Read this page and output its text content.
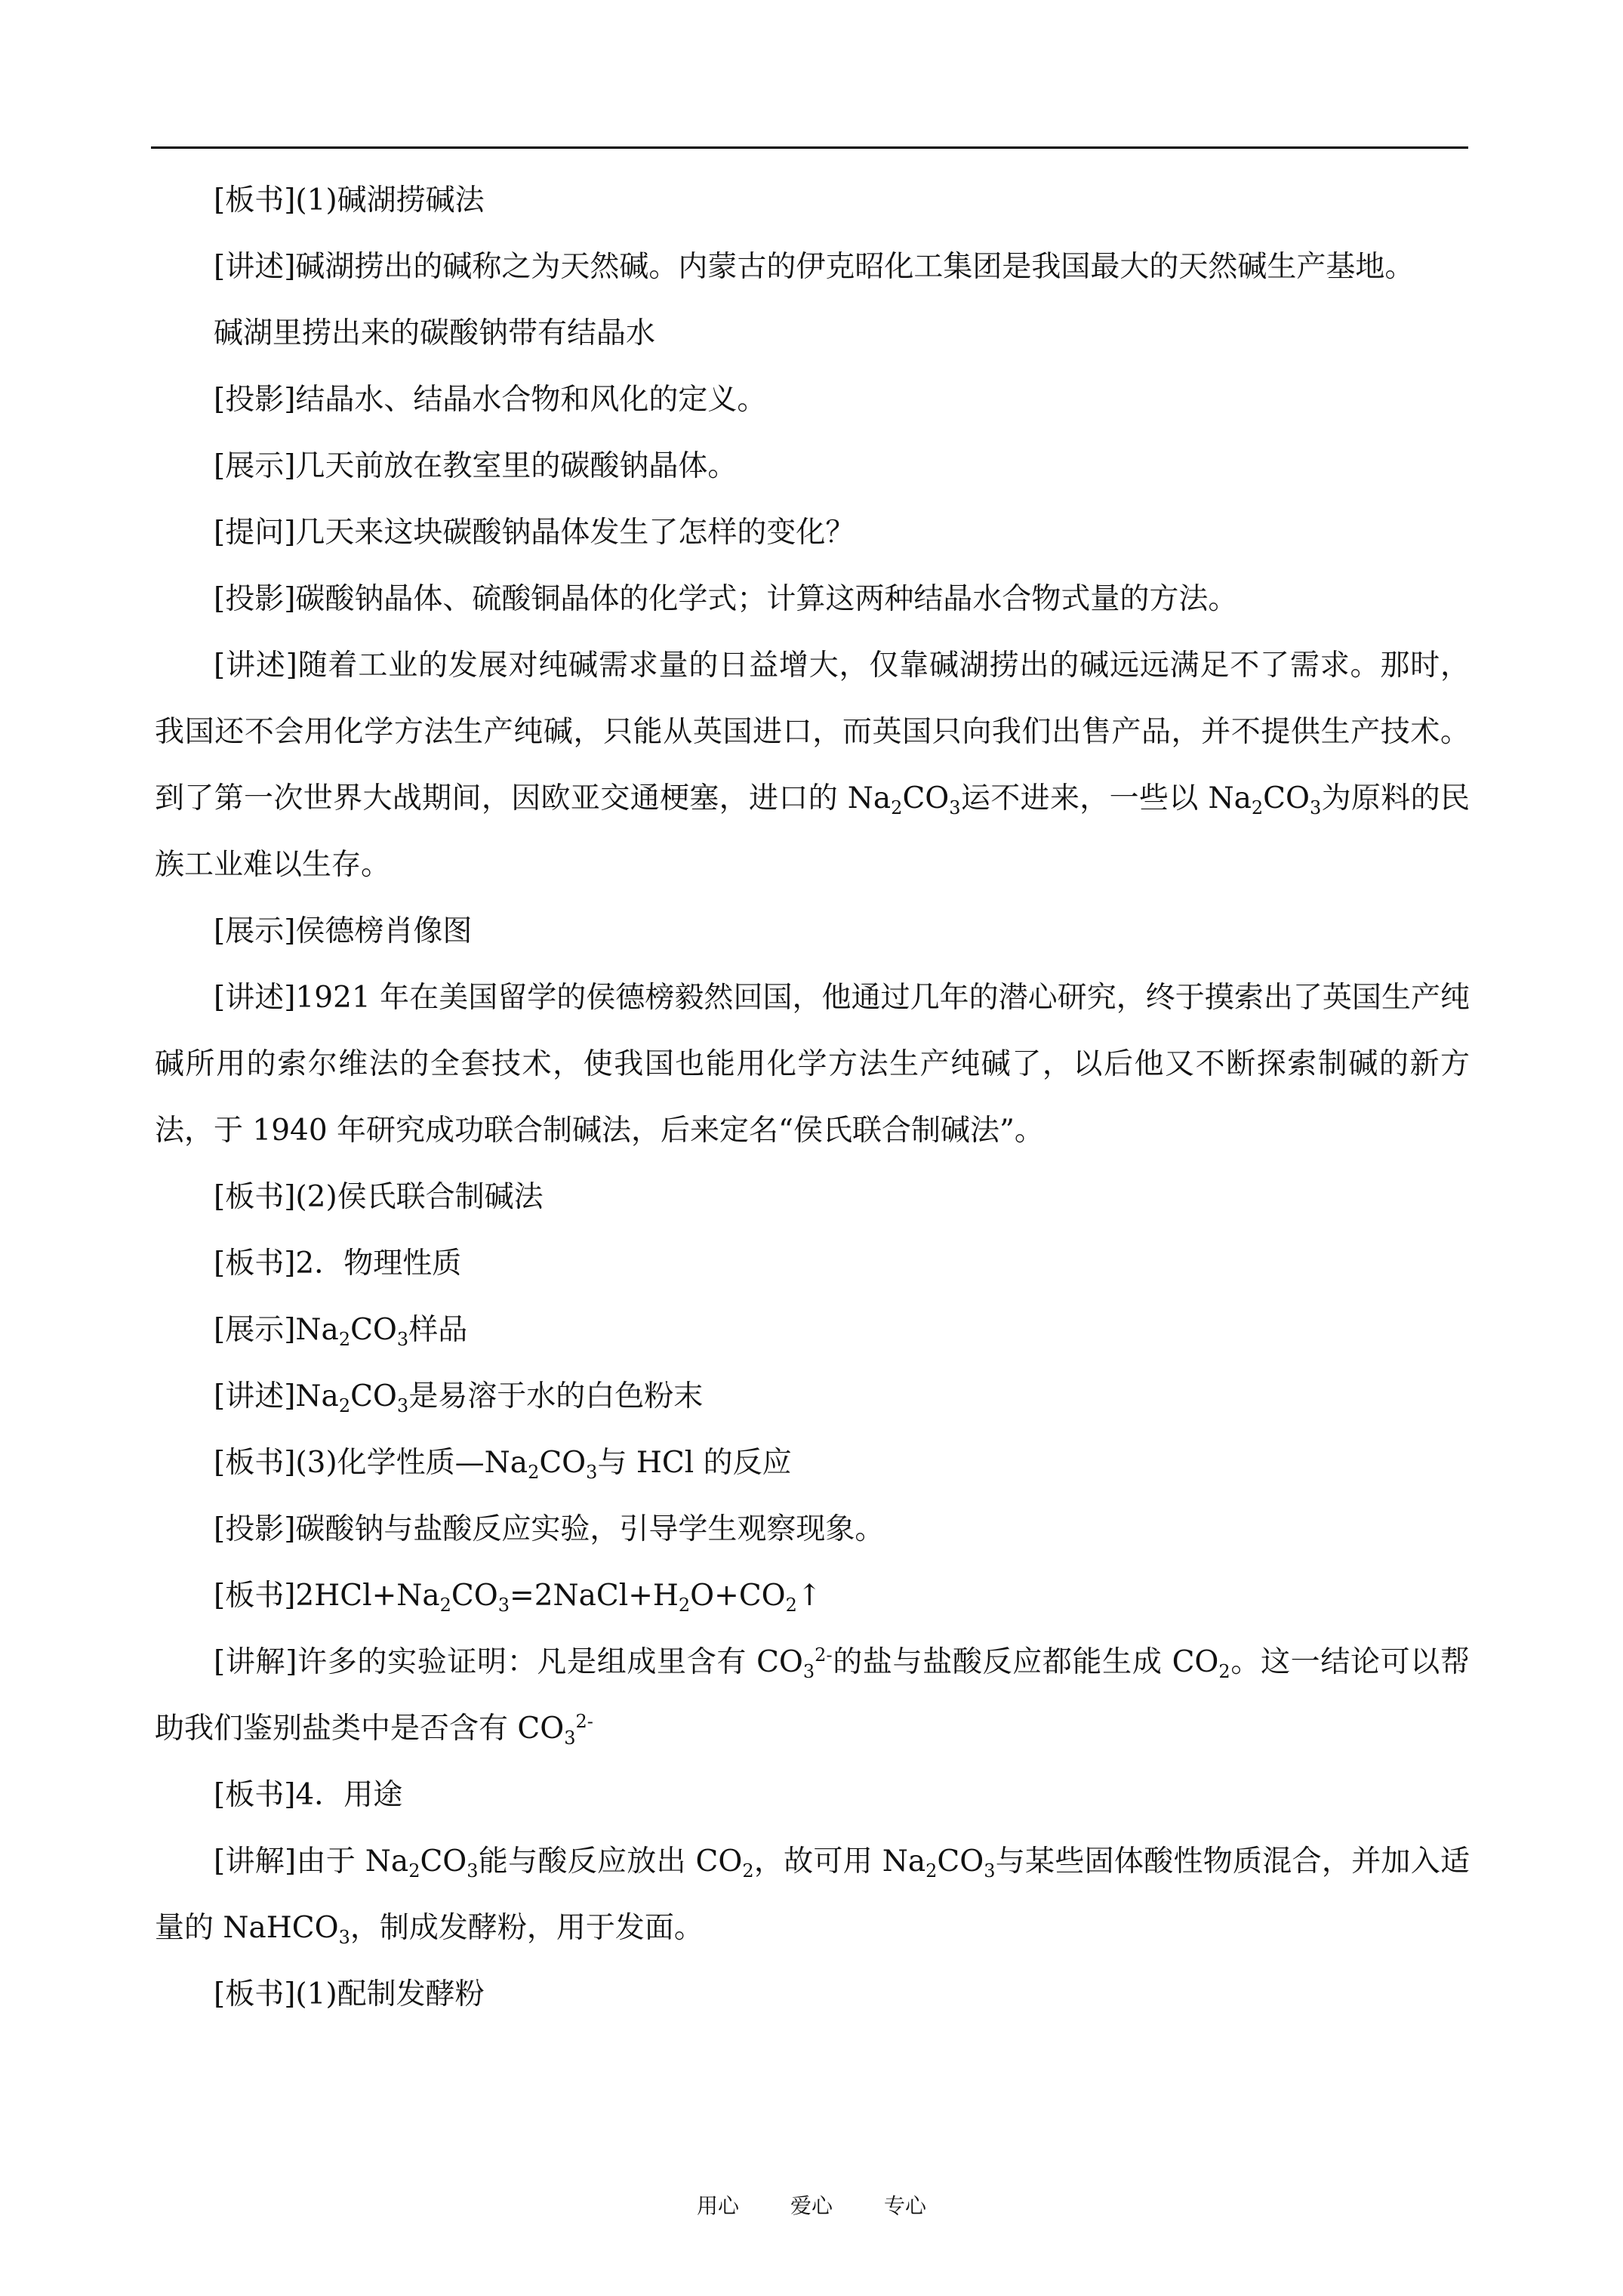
[板书](1)碱湖捞碱法

[讲述]碱湖捞出的碱称之为天然碱。内蒙古的伊克昭化工集团是我国最大的天然碱生产基地。

碱湖里捞出来的碳酸钠带有结晶水

[投影]结晶水、结晶水合物和风化的定义。

[展示]几天前放在教室里的碳酸钠晶体。

[提问]几天来这块碳酸钠晶体发生了怎样的变化？

[投影]碳酸钠晶体、硫酸铜晶体的化学式；计算这两种结晶水合物式量的方法。

[讲述]随着工业的发展对纯碱需求量的日益增大，仅靠碱湖捞出的碱远远满足不了需求。那时，我国还不会用化学方法生产纯碱，只能从英国进口，而英国只向我们出售产品，并不提供生产技术。到了第一次世界大战期间，因欧亚交通梗塞，进口的 $Na_2CO_3$运不进来，一些以 $Na_2CO_3$为原料的民族工业难以生存。

[展示]侯德榜肖像图

[讲述]1921 年在美国留学的侯德榜毅然回国，他通过几年的潜心研究，终于摸索出了英国生产纯碱所用的索尔维法的全套技术，使我国也能用化学方法生产纯碱了，以后他又不断探索制碱的新方法，于 1940 年研究成功联合制碱法，后来定名“侯氏联合制碱法”。

[板书](2)侯氏联合制碱法

[板书]2．物理性质

[展示]$Na_2CO_3$样品

[讲述]$Na_2CO_3$是易溶于水的白色粉末

[板书](3)化学性质$—Na_2CO_3$与 HCl 的反应

[投影]碳酸钠与盐酸反应实验，引导学生观察现象。

[板书]$2HCl+Na_2CO_3=2NaCl+H_2O+CO_2↑$

[讲解]许多的实验证明：凡是组成里含有 $CO_3^{2-}$的盐与盐酸反应都能生成 $CO_2$。这一结论可以帮助我们鉴别盐类中是否含有 $CO_3^{2-}$

[板书]4．用途

[讲解]由于 $Na_2CO_3$能与酸反应放出 $CO_2$，故可用 $Na_2CO_3$与某些固体酸性物质混合，并加入适量的 NaHCO$_3$，制成发酵粉，用于发面。

[板书](1)配制发酵粉

用心 爱心 专心
